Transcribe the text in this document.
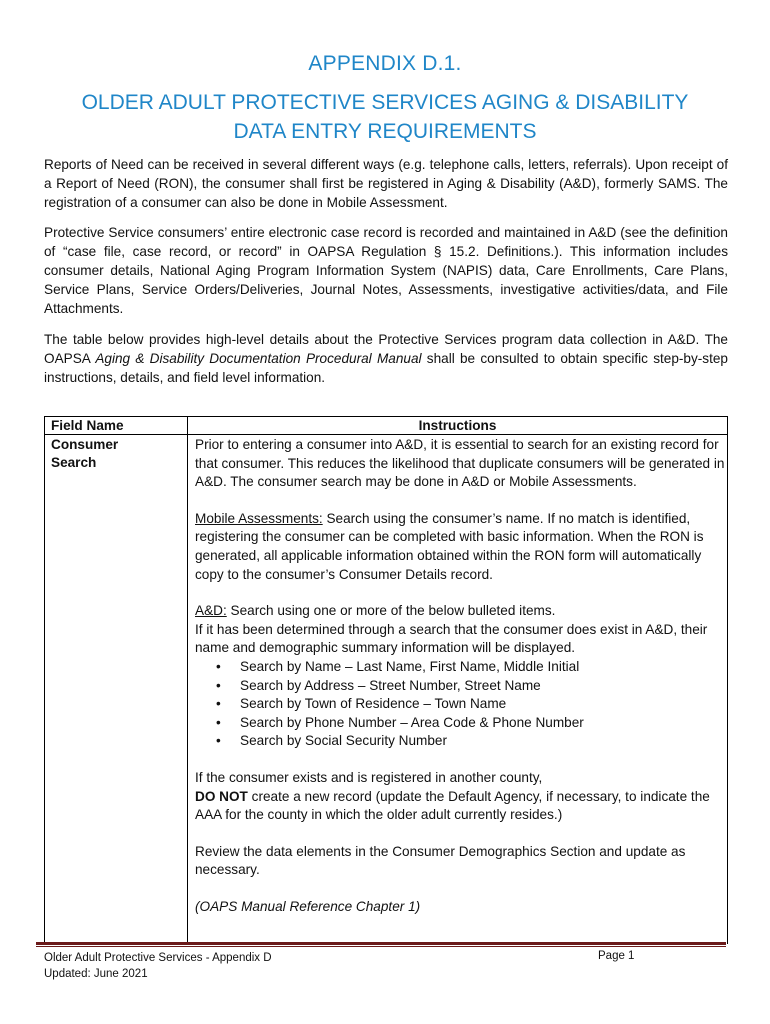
APPENDIX D.1.
OLDER ADULT PROTECTIVE SERVICES AGING & DISABILITY
DATA ENTRY REQUIREMENTS

Reports of Need can be received in several different ways (e.g. telephone calls, letters, referrals). Upon receipt of a Report of Need (RON), the consumer shall first be registered in Aging & Disability (A&D), formerly SAMS. The registration of a consumer can also be done in Mobile Assessment.

Protective Service consumers’ entire electronic case record is recorded and maintained in A&D (see the definition of “case file, case record, or record” in OAPSA Regulation § 15.2. Definitions.). This information includes consumer details, National Aging Program Information System (NAPIS) data, Care Enrollments, Care Plans, Service Plans, Service Orders/Deliveries, Journal Notes, Assessments, investigative activities/data, and File Attachments.

The table below provides high-level details about the Protective Services program data collection in A&D. The OAPSA Aging & Disability Documentation Procedural Manual shall be consulted to obtain specific step-by-step instructions, details, and field level information.

Field Name	Instructions
Consumer
Search

Prior to entering a consumer into A&D, it is essential to search for an existing record for that consumer. This reduces the likelihood that duplicate consumers will be generated in A&D. The consumer search may be done in A&D or Mobile Assessments.

Mobile Assessments: Search using the consumer’s name. If no match is identified, registering the consumer can be completed with basic information. When the RON is generated, all applicable information obtained within the RON form will automatically copy to the consumer’s Consumer Details record.

A&D: Search using one or more of the below bulleted items.

If it has been determined through a search that the consumer does exist in A&D, their name and demographic summary information will be displayed.

• Search by Name – Last Name, First Name, Middle Initial
• Search by Address – Street Number, Street Name
• Search by Town of Residence – Town Name
• Search by Phone Number – Area Code & Phone Number
• Search by Social Security Number

If the consumer exists and is registered in another county,

DO NOT create a new record (update the Default Agency, if necessary, to indicate the AAA for the county in which the older adult currently resides.)

Review the data elements in the Consumer Demographics Section and update as necessary.

(OAPS Manual Reference Chapter 1)

Older Adult Protective Services - Appendix D
Updated: June 2021
Page 1
